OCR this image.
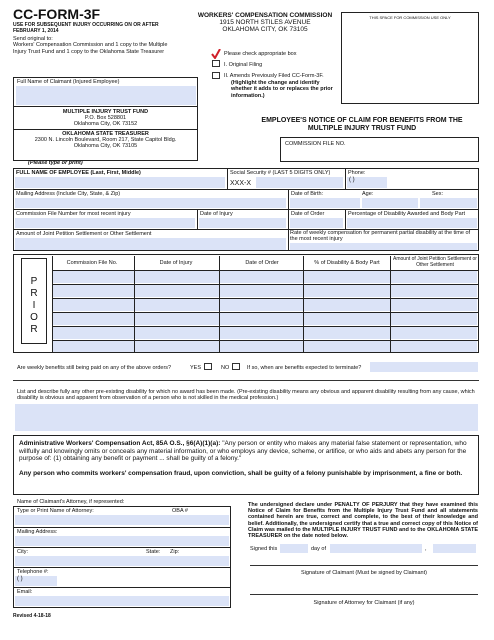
CC-FORM-3F
USE FOR SUBSEQUENT INJURY OCCURRING ON OR AFTER FEBRUARY 1, 2014
Send original to:
Workers' Compensation Commission and 1 copy to the Multiple Injury Trust Fund and 1 copy to the Oklahoma State Treasurer
WORKERS' COMPENSATION COMMISSION
1915 NORTH STILES AVENUE
OKLAHOMA CITY, OK 73105
THIS SPACE FOR COMMISSION USE ONLY
Please check appropriate box
I. Original Filing
II. Amends Previously Filed CC-Form-3F.
(Highlight the change and identify whether it adds to or replaces the prior information.)
Full Name of Claimant (Injured Employee)
MULTIPLE INJURY TRUST FUND
P.O. Box 528801
Oklahoma City, OK 73152
OKLAHOMA STATE TREASURER
2300 N. Lincoln Boulevard, Room 217, State Capitol Bldg.
Oklahoma City, OK 73105
EMPLOYEE'S NOTICE OF CLAIM FOR BENEFITS FROM THE MULTIPLE INJURY TRUST FUND
COMMISSION FILE NO.
(Please type or print)
FULL NAME OF EMPLOYEE (Last, First, Middle)	Social Security # (LAST 5 DIGITS ONLY)
XXX-X
Phone:
( )
Mailing Address (Include City, State, & Zip)	Date of Birth:	Age:	Sex:
Commission File Number for most recent injury	Date of Injury	Date of Order	Percentage of Disability Awarded and Body Part
Amount of Joint Petition Settlement or Other Settlement	Rate of weekly compensation for permanent partial disability at the time of the most recent injury
P
R
I
O
R
Commission File No.	Date of Injury	Date of Order	% of Disability & Body Part
Amount of Joint Petition Settlement or Other Settlement
Are weekly benefits still being paid on any of the above orders?	YES	NO	If so, when are benefits expected to terminate?
List and describe fully any other pre-existing disability for which no award has been made. (Pre-existing disability means any obvious and apparent disability resulting from any cause, which disability is obvious and apparent from observation of a person who is not skilled in the medical profession.)
Administrative Workers' Compensation Act, 85A O.S., §6(A)(1)(a): "Any person or entity who makes any material false statement or representation, who willfully and knowingly omits or conceals any material information, or who employs any device, scheme, or artifice, or who aids and abets any person for the purpose of: (1) obtaining any benefit or payment ... shall be guilty of a felony."
Any person who commits workers' compensation fraud, upon conviction, shall be guilty of a felony punishable by imprisonment, a fine or both.
Name of Claimant's Attorney, if represented:
Type or Print Name of Attorney:	OBA #
Mailing Address:
City:	State: Zip:
Telephone #:
( )
Email:
The undersigned declare under PENALTY OF PERJURY that they have examined this Notice of Claim for Benefits from the Multiple Injury Trust Fund and all statements contained herein are true, correct and complete, to the best of their knowledge and belief. Additionally, the undersigned certify that a true and correct copy of this Notice of Claim was mailed to the MULTIPLE INJURY TRUST FUND and to the OKLAHOMA STATE TREASURER on the date noted below.
Signed this	day of	,
Signature of Claimant (Must be signed by Claimant)
Signature of Attorney for Claimant (if any)
Revised 4-18-18
